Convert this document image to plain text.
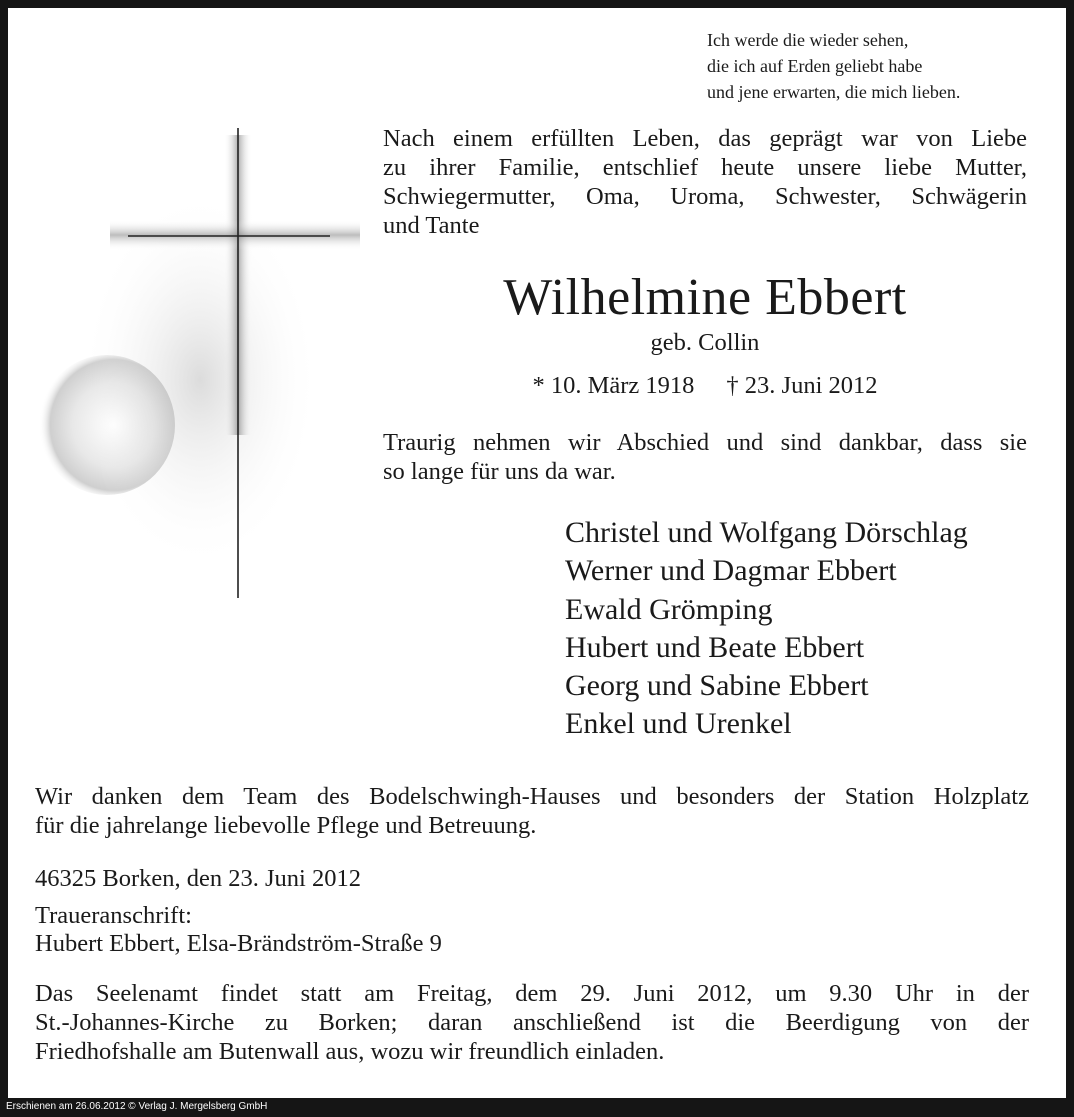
Ich werde die wieder sehen,
die ich auf Erden geliebt habe
und jene erwarten, die mich lieben.
Nach einem erfüllten Leben, das geprägt war von Liebe
zu ihrer Familie, entschlief heute unsere liebe Mutter,
Schwiegermutter, Oma, Uroma, Schwester, Schwägerin
und Tante
Wilhelmine Ebbert
geb. Collin
* 10. März 1918 † 23. Juni 2012
Traurig nehmen wir Abschied und sind dankbar, dass sie
so lange für uns da war.
Christel und Wolfgang Dörschlag
Werner und Dagmar Ebbert
Ewald Grömping
Hubert und Beate Ebbert
Georg und Sabine Ebbert
Enkel und Urenkel
Wir danken dem Team des Bodelschwingh-Hauses und besonders der Station Holzplatz
für die jahrelange liebevolle Pflege und Betreuung.
46325 Borken, den 23. Juni 2012
Traueranschrift:
Hubert Ebbert, Elsa-Brändström-Straße 9
Das Seelenamt findet statt am Freitag, dem 29. Juni 2012, um 9.30 Uhr in der
St.-Johannes-Kirche zu Borken; daran anschließend ist die Beerdigung von der
Friedhofshalle am Butenwall aus, wozu wir freundlich einladen.
Erschienen am 26.06.2012 © Verlag J. Mergelsberg GmbH
